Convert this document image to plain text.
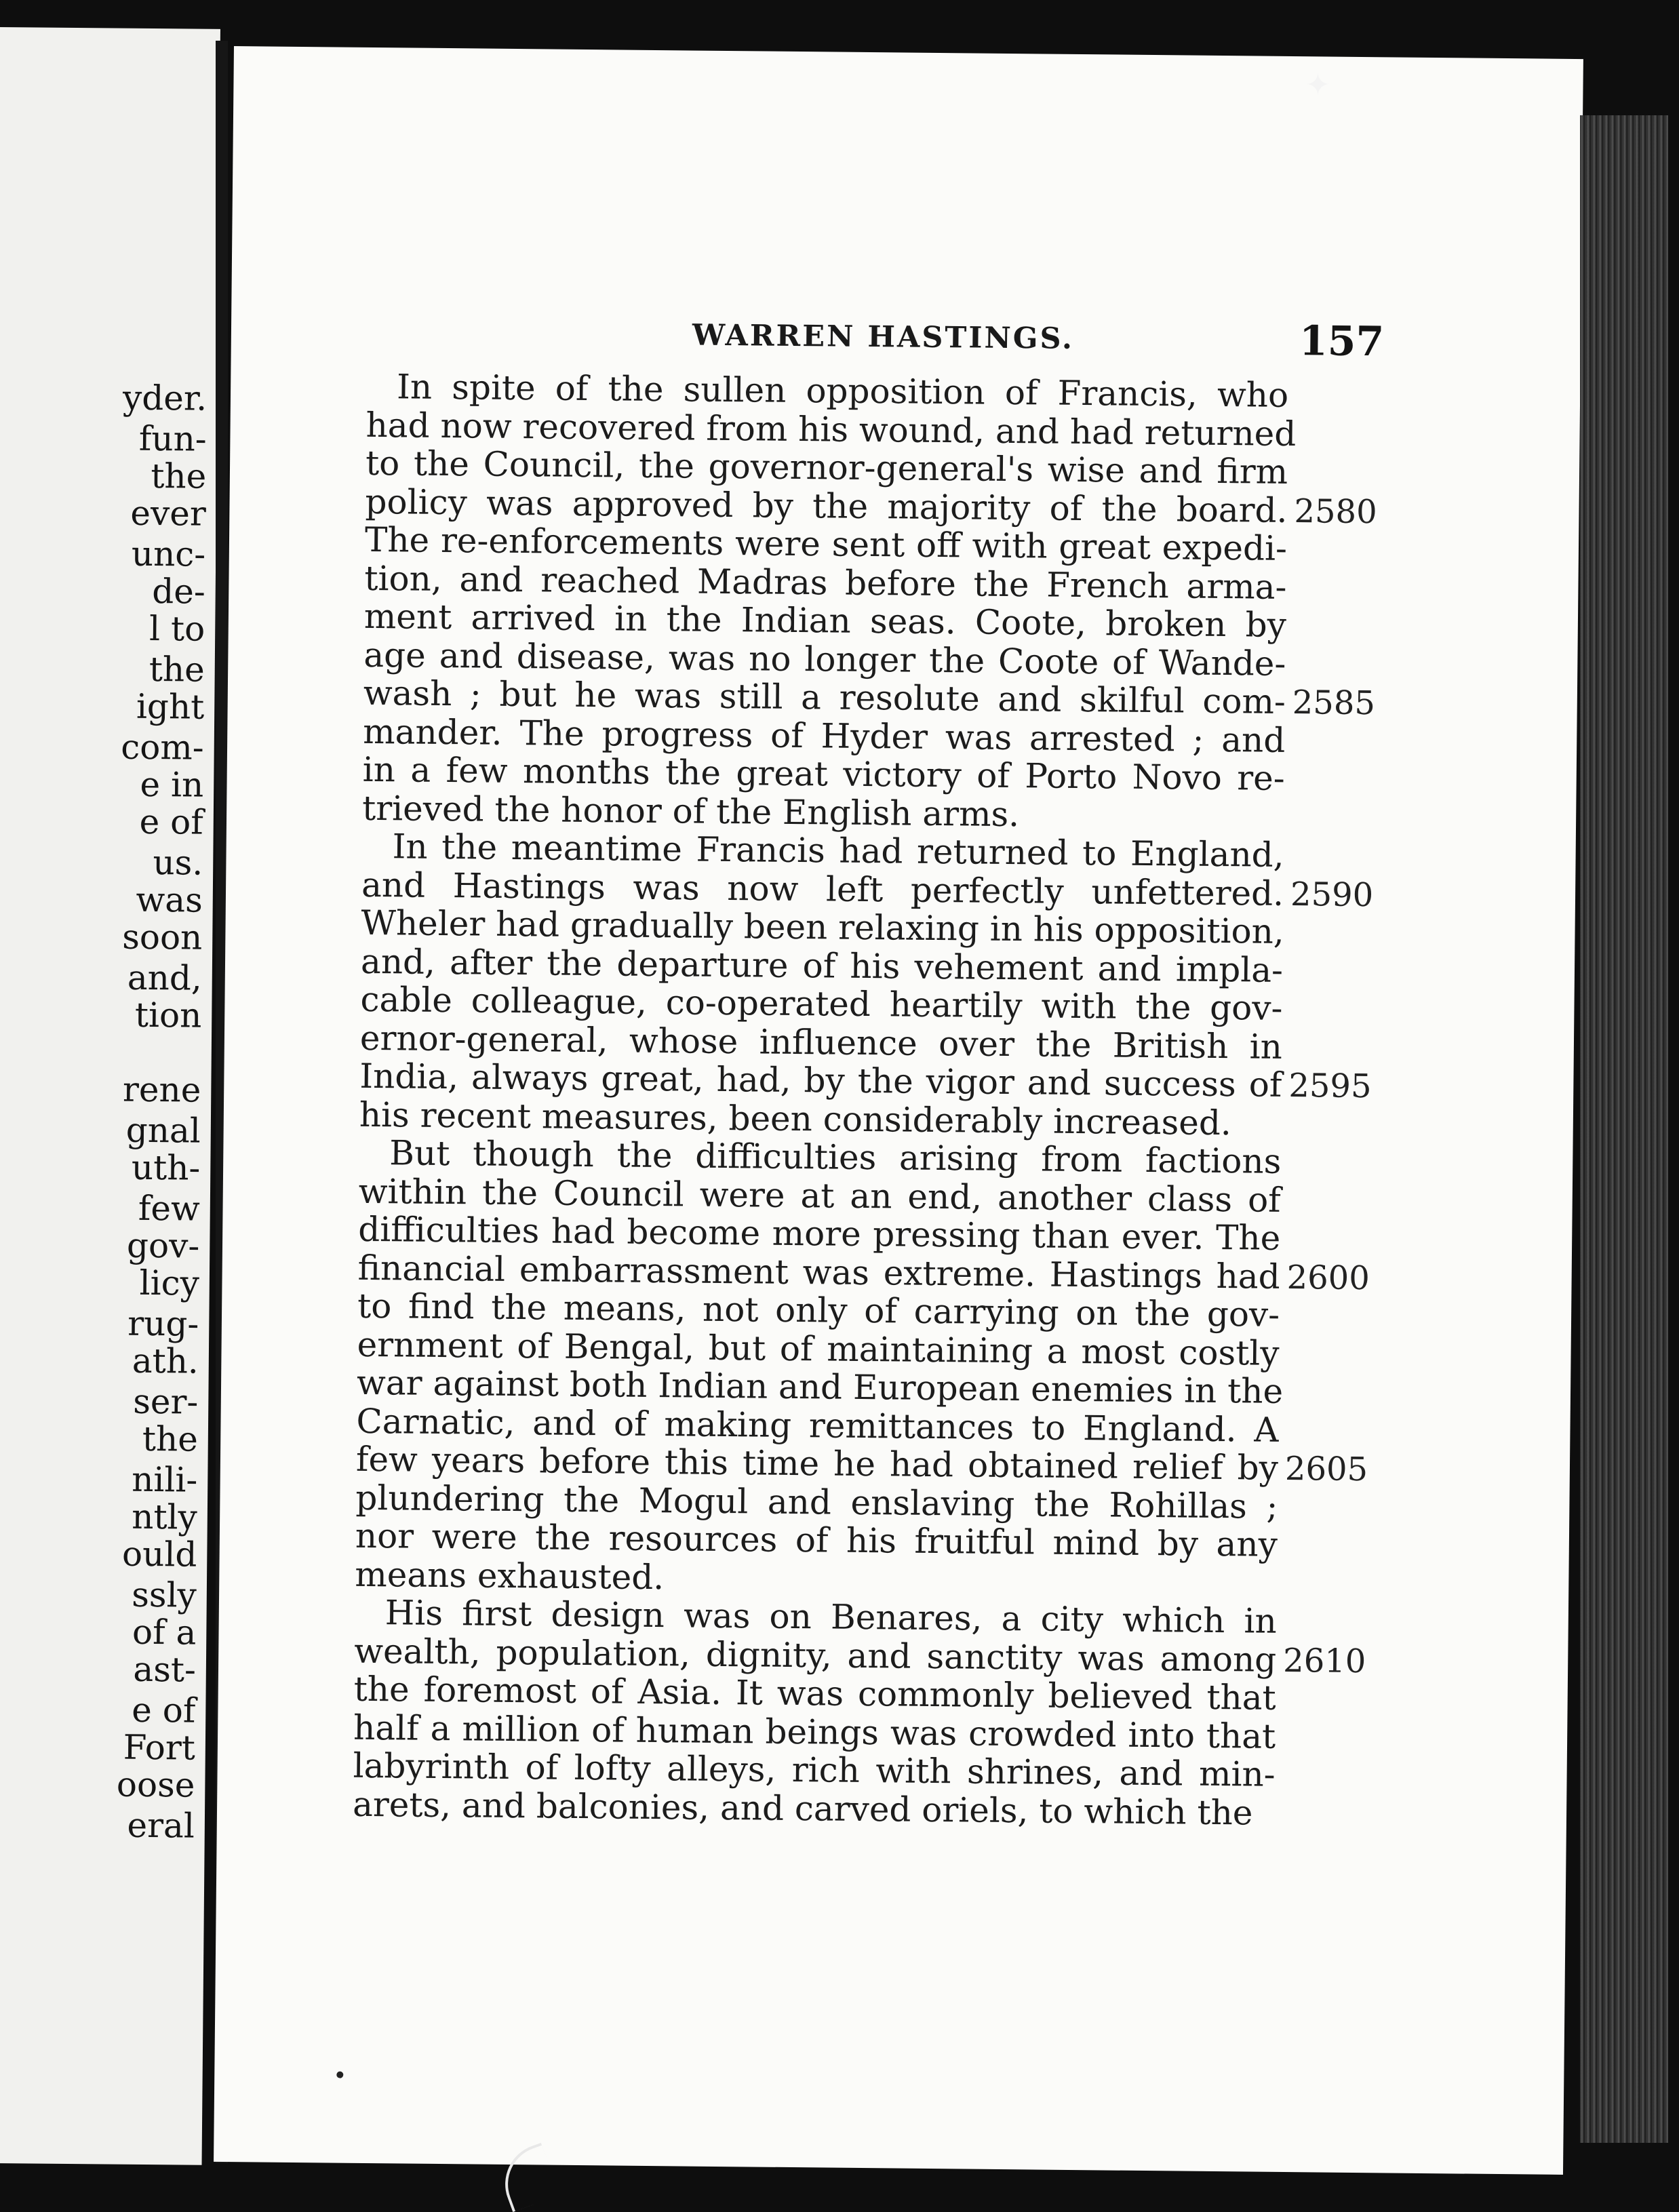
yder.
fun-
the
ever
unc-
de-
l to
the
ight
com-
e in
e of
us.
was
soon
and,
tion
rene
gnal
uth-
few
gov-
licy
rug-
ath.
ser-
the
nili-
ntly
ould
ssly
of a
ast-
e of
Fort
oose
eral
WARREN HASTINGS.	157
In spite of the sullen opposition of Francis, who
had now recovered from his wound, and had returned
to the Council, the governor-general's wise and firm
policy was approved by the majority of the board.
The re-enforcements were sent off with great expedi-
tion, and reached Madras before the French arma-
ment arrived in the Indian seas. Coote, broken by
age and disease, was no longer the Coote of Wande-
wash ; but he was still a resolute and skilful com-
mander. The progress of Hyder was arrested ; and
in a few months the great victory of Porto Novo re-
trieved the honor of the English arms.
In the meantime Francis had returned to England,
and Hastings was now left perfectly unfettered.
Wheler had gradually been relaxing in his opposition,
and, after the departure of his vehement and impla-
cable colleague, co-operated heartily with the gov-
ernor-general, whose influence over the British in
India, always great, had, by the vigor and success of
his recent measures, been considerably increased.
But though the difficulties arising from factions
within the Council were at an end, another class of
difficulties had become more pressing than ever. The
financial embarrassment was extreme. Hastings had
to find the means, not only of carrying on the gov-
ernment of Bengal, but of maintaining a most costly
war against both Indian and European enemies in the
Carnatic, and of making remittances to England. A
few years before this time he had obtained relief by
plundering the Mogul and enslaving the Rohillas ;
nor were the resources of his fruitful mind by any
means exhausted.
His first design was on Benares, a city which in
wealth, population, dignity, and sanctity was among
the foremost of Asia. It was commonly believed that
half a million of human beings was crowded into that
labyrinth of lofty alleys, rich with shrines, and min-
arets, and balconies, and carved oriels, to which the
2580
2585
2590
2595
2600
2605
2610
✦
